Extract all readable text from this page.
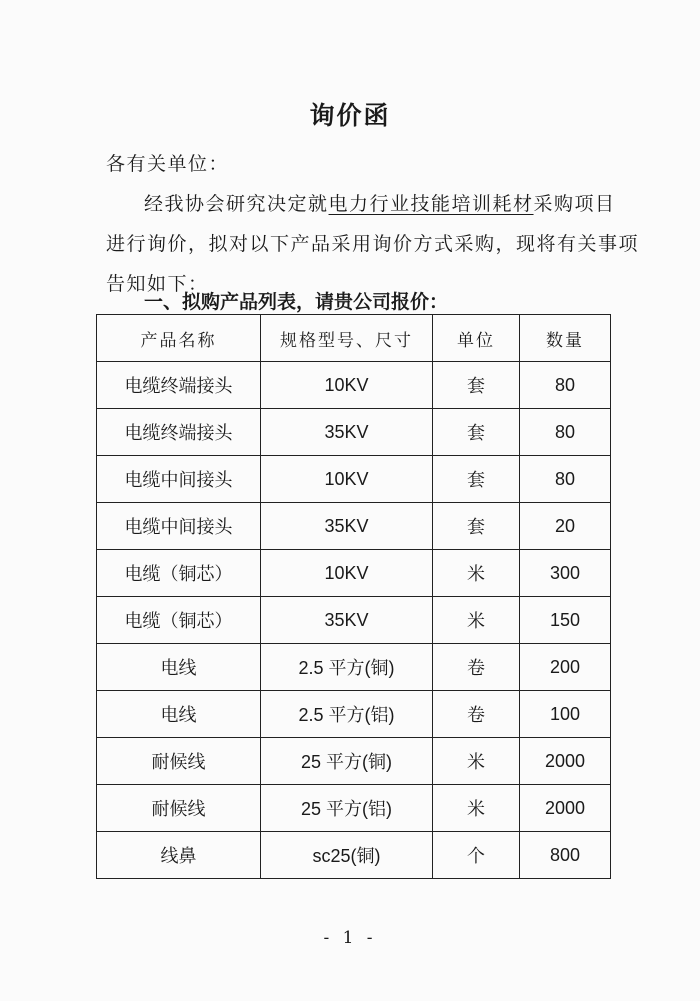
询价函
各有关单位：
经我协会研究决定就电力行业技能培训耗材采购项目
进行询价，拟对以下产品采用询价方式采购，现将有关事项
告知如下：
一、拟购产品列表，请贵公司报价：
产品名称	规格型号、尺寸	单位	数量
电缆终端接头	10KV	套	80
电缆终端接头	35KV	套	80
电缆中间接头	10KV	套	80
电缆中间接头	35KV	套	20
电缆（铜芯）	10KV	米	300
电缆（铜芯）	35KV	米	150
电线	2.5 平方(铜)	卷	200
电线	2.5 平方(铝)	卷	100
耐候线	25 平方(铜)	米	2000
耐候线	25 平方(铝)	米	2000
线鼻	sc25(铜)	个	800
- 1 -
